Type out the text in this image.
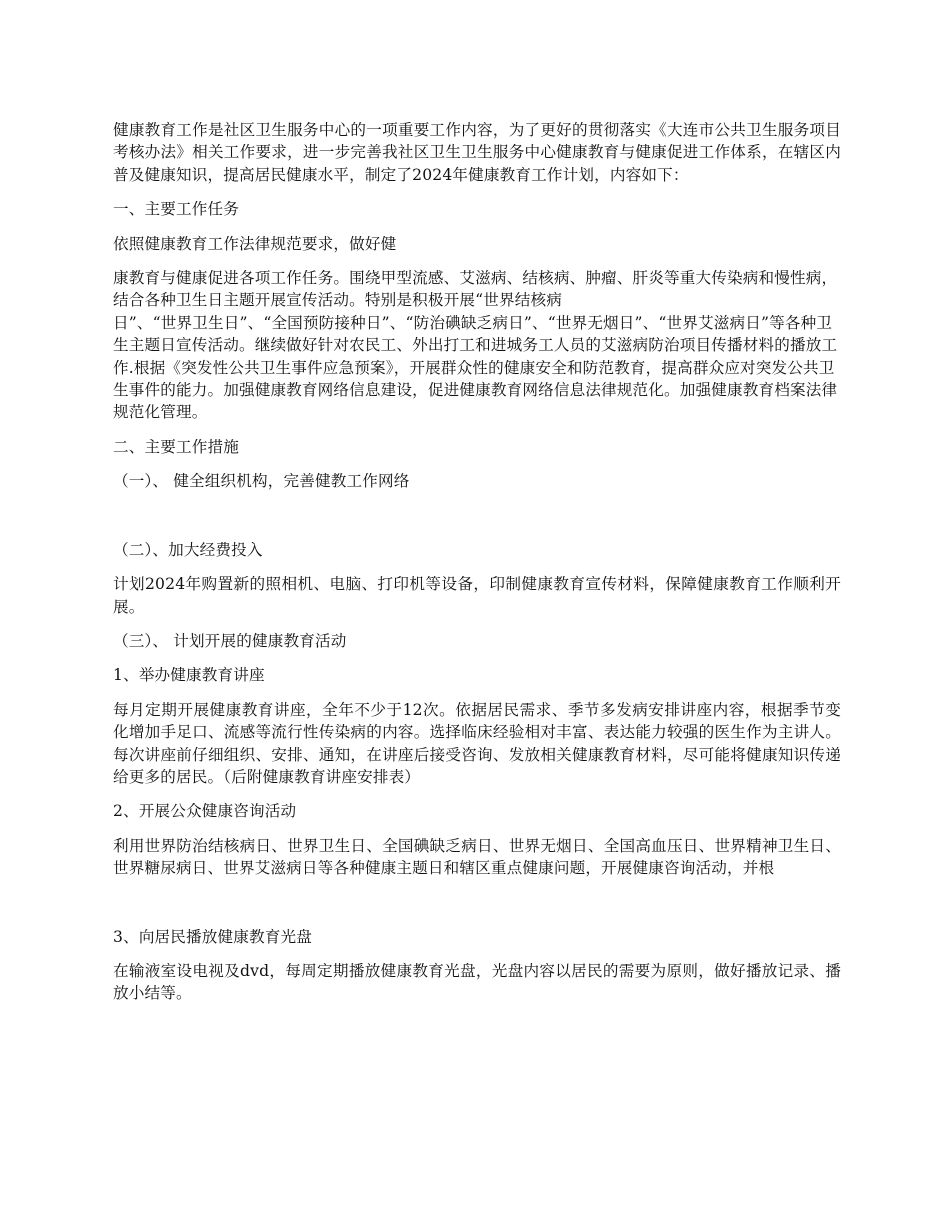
健康教育工作是社区卫生服务中心的一项重要工作内容，为了更好的贯彻落实《大连市公共卫生服务项目考核办法》相关工作要求，进一步完善我社区卫生卫生服务中心健康教育与健康促进工作体系，在辖区内普及健康知识，提高居民健康水平，制定了2024年健康教育工作计划，内容如下：

一、主要工作任务

依照健康教育工作法律规范要求，做好健

康教育与健康促进各项工作任务。围绕甲型流感、艾滋病、结核病、肿瘤、肝炎等重大传染病和慢性病，结合各种卫生日主题开展宣传活动。特别是积极开展“世界结核病
日”、“世界卫生日”、“全国预防接种日”、“防治碘缺乏病日”、“世界无烟日”、“世界艾滋病日”等各种卫生主题日宣传活动。继续做好针对农民工、外出打工和进城务工人员的艾滋病防治项目传播材料的播放工作.根据《突发性公共卫生事件应急预案》，开展群众性的健康安全和防范教育，提高群众应对突发公共卫生事件的能力。加强健康教育网络信息建设，促进健康教育网络信息法律规范化。加强健康教育档案法律规范化管理。

二、主要工作措施

（一）、 健全组织机构，完善健教工作网络

（二）、加大经费投入

计划2024年购置新的照相机、电脑、打印机等设备，印制健康教育宣传材料，保障健康教育工作顺利开展。

（三）、 计划开展的健康教育活动

1、举办健康教育讲座

每月定期开展健康教育讲座，全年不少于12次。依据居民需求、季节多发病安排讲座内容，根据季节变化增加手足口、流感等流行性传染病的内容。选择临床经验相对丰富、表达能力较强的医生作为主讲人。每次讲座前仔细组织、安排、通知，在讲座后接受咨询、发放相关健康教育材料，尽可能将健康知识传递给更多的居民。（后附健康教育讲座安排表）

2、开展公众健康咨询活动

利用世界防治结核病日、世界卫生日、全国碘缺乏病日、世界无烟日、全国高血压日、世界精神卫生日、世界糖尿病日、世界艾滋病日等各种健康主题日和辖区重点健康问题，开展健康咨询活动，并根

3、向居民播放健康教育光盘

在输液室设电视及dvd，每周定期播放健康教育光盘，光盘内容以居民的需要为原则，做好播放记录、播放小结等。
